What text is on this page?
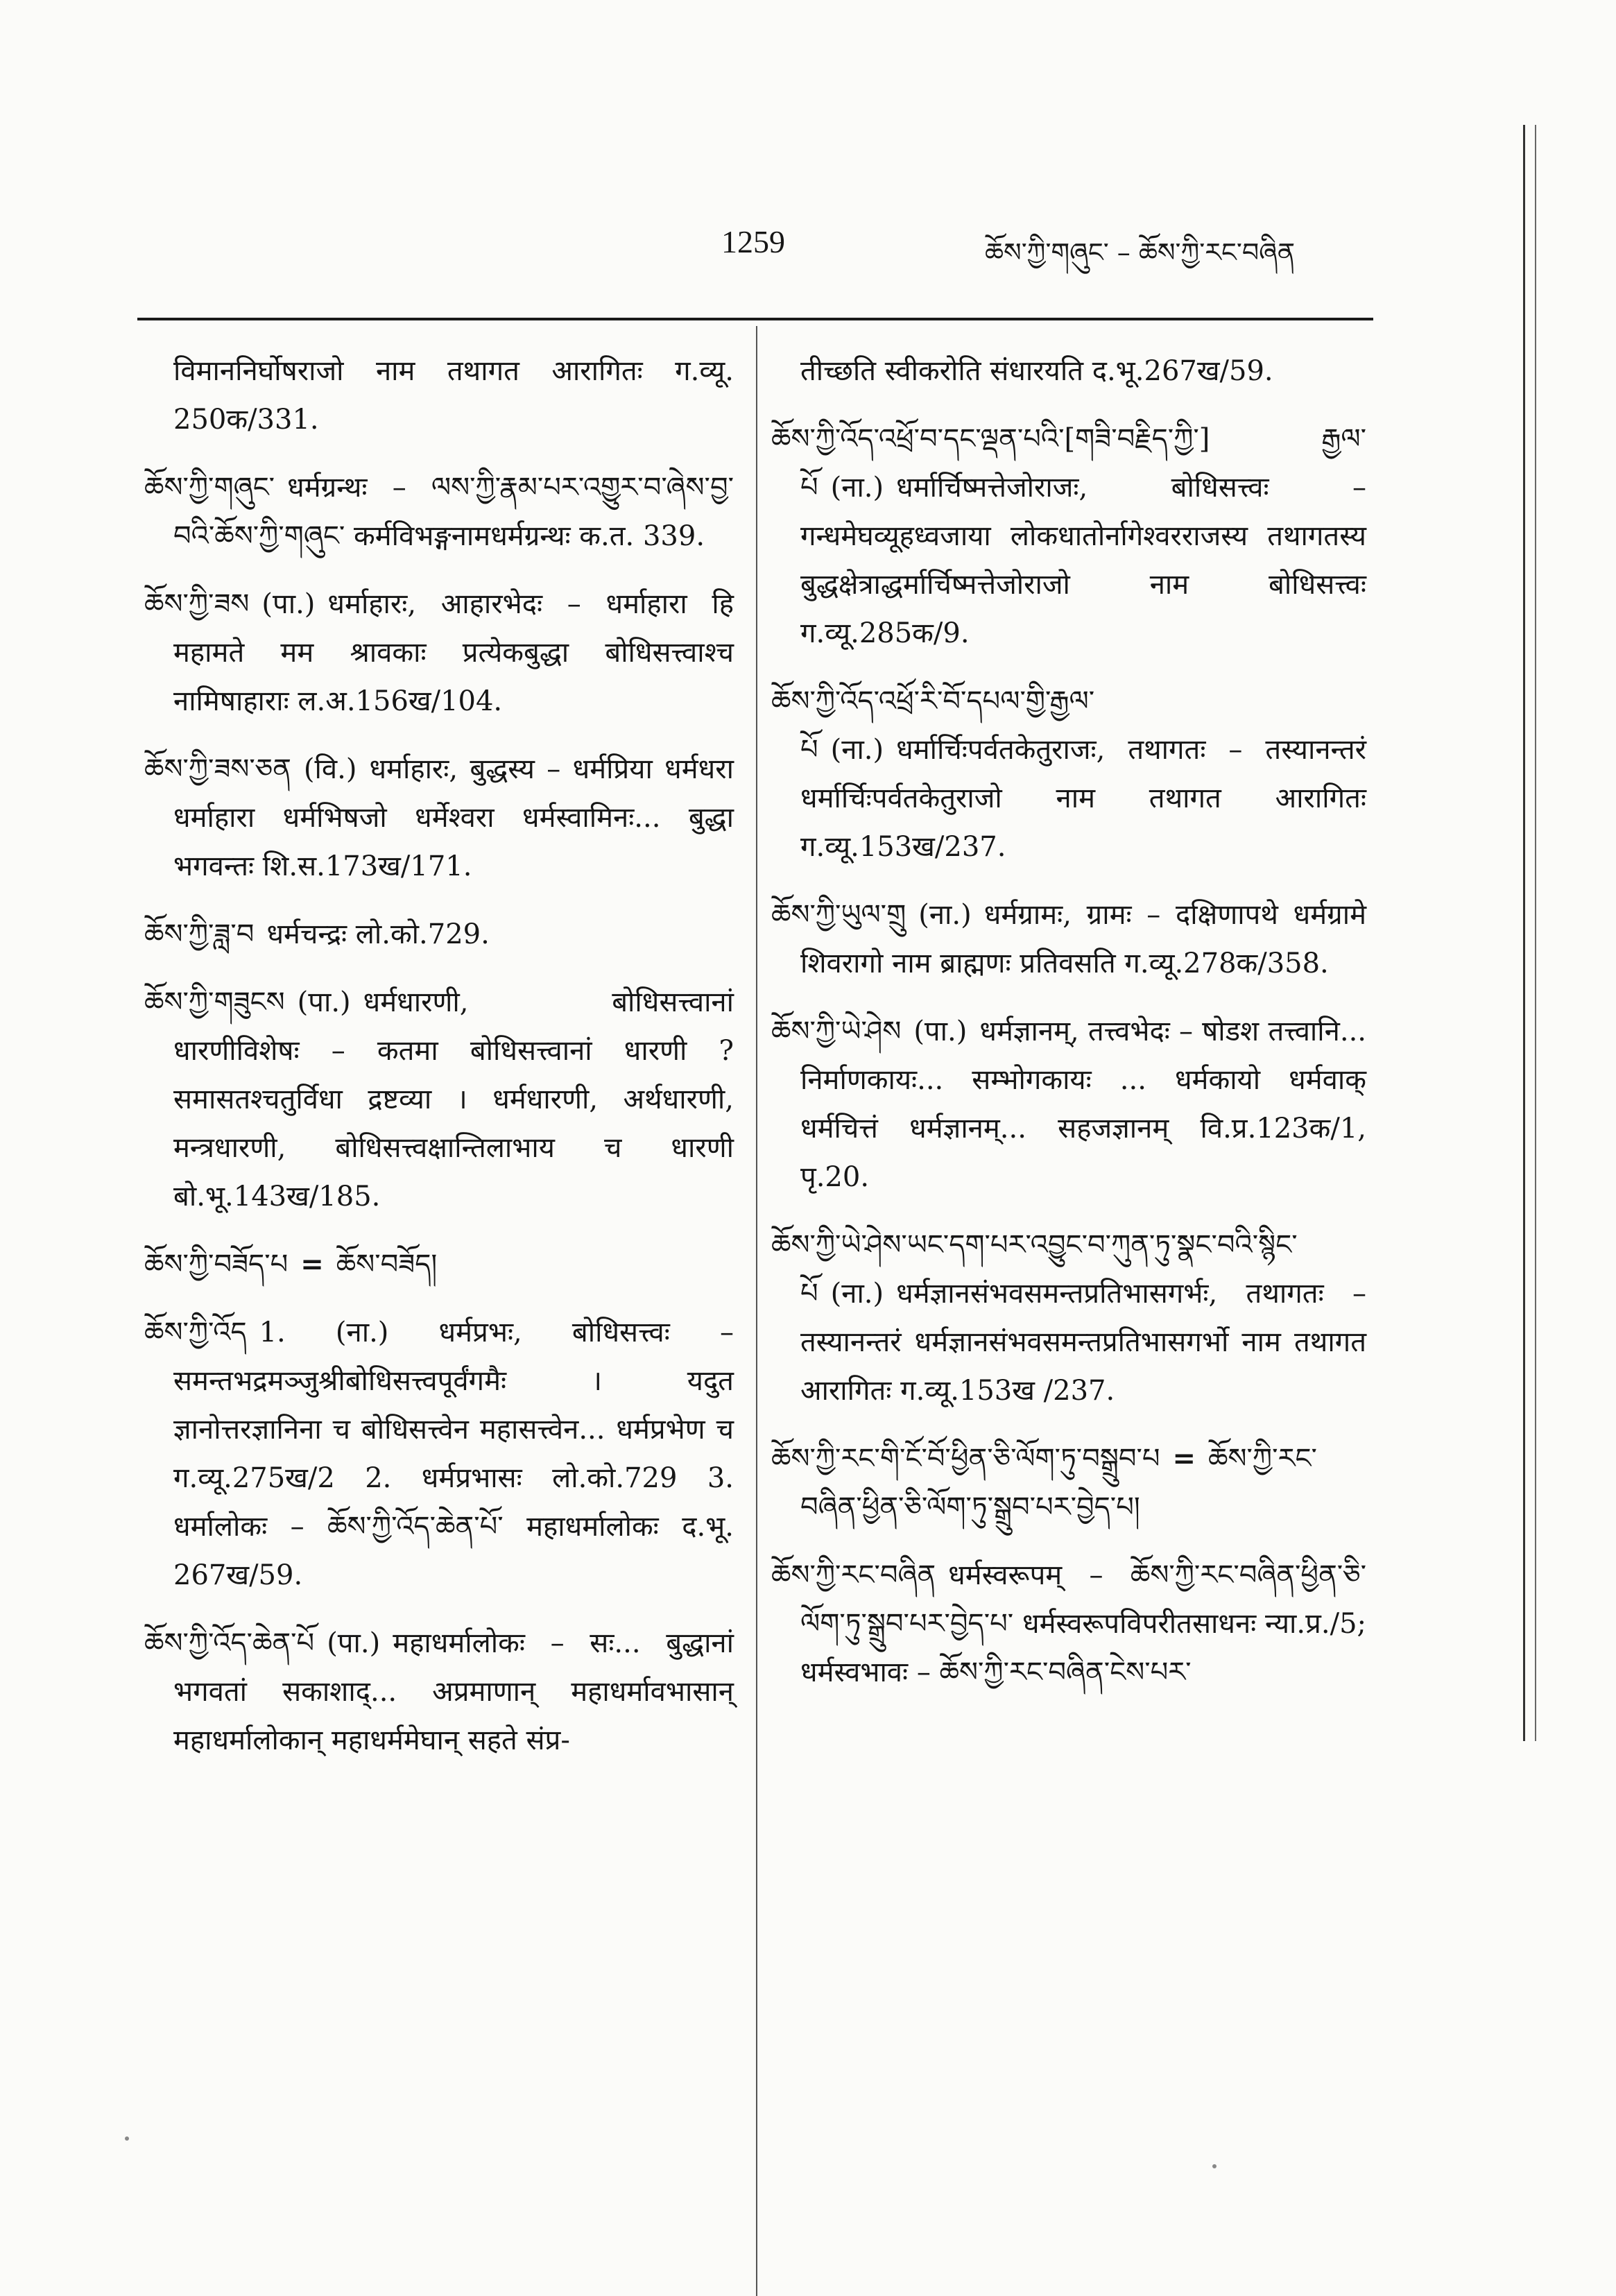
1259	ཆོས་ཀྱི་གཞུང་ – ཆོས་ཀྱི་རང་བཞིན
विमाननिर्घोषराजो नाम तथागत आरागितः ग.व्यू. 250क/331.
ཆོས་ཀྱི་གཞུང་ धर्मग्रन्थः – ལས་ཀྱི་རྣམ་པར་འགྱུར་བ་ཞེས་བྱ་བའི་ཆོས་ཀྱི་གཞུང་ कर्मविभङ्गनामधर्मग्रन्थः क.त. 339.
ཆོས་ཀྱི་ཟས (पा.) धर्माहारः, आहारभेदः – धर्माहारा हि महामते मम श्रावकाः प्रत्येकबुद्धा बोधिसत्त्वाश्च नामिषाहाराः ल.अ.156ख/104.
ཆོས་ཀྱི་ཟས་ཅན (वि.) धर्माहारः, बुद्धस्य – धर्मप्रिया धर्मधरा धर्माहारा धर्मभिषजो धर्मेश्वरा धर्मस्वामिनः... बुद्धा भगवन्तः शि.स.173ख/171.
ཆོས་ཀྱི་ཟླ་བ धर्मचन्द्रः लो.को.729.
ཆོས་ཀྱི་གཟུངས (पा.) धर्मधारणी, बोधिसत्त्वानां धारणीविशेषः – कतमा बोधिसत्त्वानां धारणी ? समासतश्चतुर्विधा द्रष्टव्या । धर्मधारणी, अर्थधारणी, मन्त्रधारणी, बोधिसत्त्वक्षान्तिलाभाय च धारणी बो.भू.143ख/185.
ཆོས་ཀྱི་བཟོད་པ = ཆོས་བཟོད།
ཆོས་ཀྱི་འོད 1. (ना.) धर्मप्रभः, बोधिसत्त्वः – समन्तभद्रमञ्जुश्रीबोधिसत्त्वपूर्वंगमैः । यदुत ज्ञानोत्तरज्ञानिना च बोधिसत्त्वेन महासत्त्वेन... धर्मप्रभेण च ग.व्यू.275ख/2 2. धर्मप्रभासः लो.को.729 3. धर्मालोकः – ཆོས་ཀྱི་འོད་ཆེན་པོ་ महाधर्मालोकः द.भू. 267ख/59.
ཆོས་ཀྱི་འོད་ཆེན་པོ (पा.) महाधर्मालोकः – सः... बुद्धानां भगवतां सकाशाद्... अप्रमाणान् महाधर्मावभासान् महाधर्मालोकान् महाधर्ममेघान् सहते संप्र-
तीच्छति स्वीकरोति संधारयति द.भू.267ख/59.
ཆོས་ཀྱི་འོད་འཕྲོ་བ་དང་ལྡན་པའི་[གཟི་བརྗིད་ཀྱི་] རྒྱལ་པོ (ना.) धर्मार्चिष्मत्तेजोराजः, बोधिसत्त्वः – गन्धमेघव्यूहध्वजाया लोकधातोर्नागेश्वरराजस्य तथागतस्य बुद्धक्षेत्राद्धर्मार्चिष्मत्तेजोराजो नाम बोधिसत्त्वः ग.व्यू.285क/9.
ཆོས་ཀྱི་འོད་འཕྲོ་རི་བོ་དཔལ་གྱི་རྒྱལ་པོ (ना.) धर्मार्चिःपर्वतकेतुराजः, तथागतः – तस्यानन्तरं धर्मार्चिःपर्वतकेतुराजो नाम तथागत आरागितः ग.व्यू.153ख/237.
ཆོས་ཀྱི་ཡུལ་གྲུ (ना.) धर्मग्रामः, ग्रामः – दक्षिणापथे धर्मग्रामे शिवरागो नाम ब्राह्मणः प्रतिवसति ग.व्यू.278क/358.
ཆོས་ཀྱི་ཡེ་ཤེས (पा.) धर्मज्ञानम्, तत्त्वभेदः – षोडश तत्त्वानि... निर्माणकायः... सम्भोगकायः ... धर्मकायो धर्मवाक् धर्मचित्तं धर्मज्ञानम्... सहजज्ञानम् वि.प्र.123क/1, पृ.20.
ཆོས་ཀྱི་ཡེ་ཤེས་ཡང་དག་པར་འབྱུང་བ་ཀུན་ཏུ་སྣང་བའི་སྙིང་པོ (ना.) धर्मज्ञानसंभवसमन्तप्रतिभासगर्भः, तथागतः – तस्यानन्तरं धर्मज्ञानसंभवसमन्तप्रतिभासगर्भो नाम तथागत आरागितः ग.व्यू.153ख /237.
ཆོས་ཀྱི་རང་གི་ངོ་བོ་ཕྱིན་ཅི་ལོག་ཏུ་བསྒྲུབ་པ = ཆོས་ཀྱི་རང་བཞིན་ཕྱིན་ཅི་ལོག་ཏུ་སྒྲུབ་པར་བྱེད་པ།
ཆོས་ཀྱི་རང་བཞིན धर्मस्वरूपम् – ཆོས་ཀྱི་རང་བཞིན་ཕྱིན་ཅི་ལོག་ཏུ་སྒྲུབ་པར་བྱེད་པ་ धर्मस्वरूपविपरीतसाधनः न्या.प्र./5; धर्मस्वभावः – ཆོས་ཀྱི་རང་བཞིན་ངེས་པར་
